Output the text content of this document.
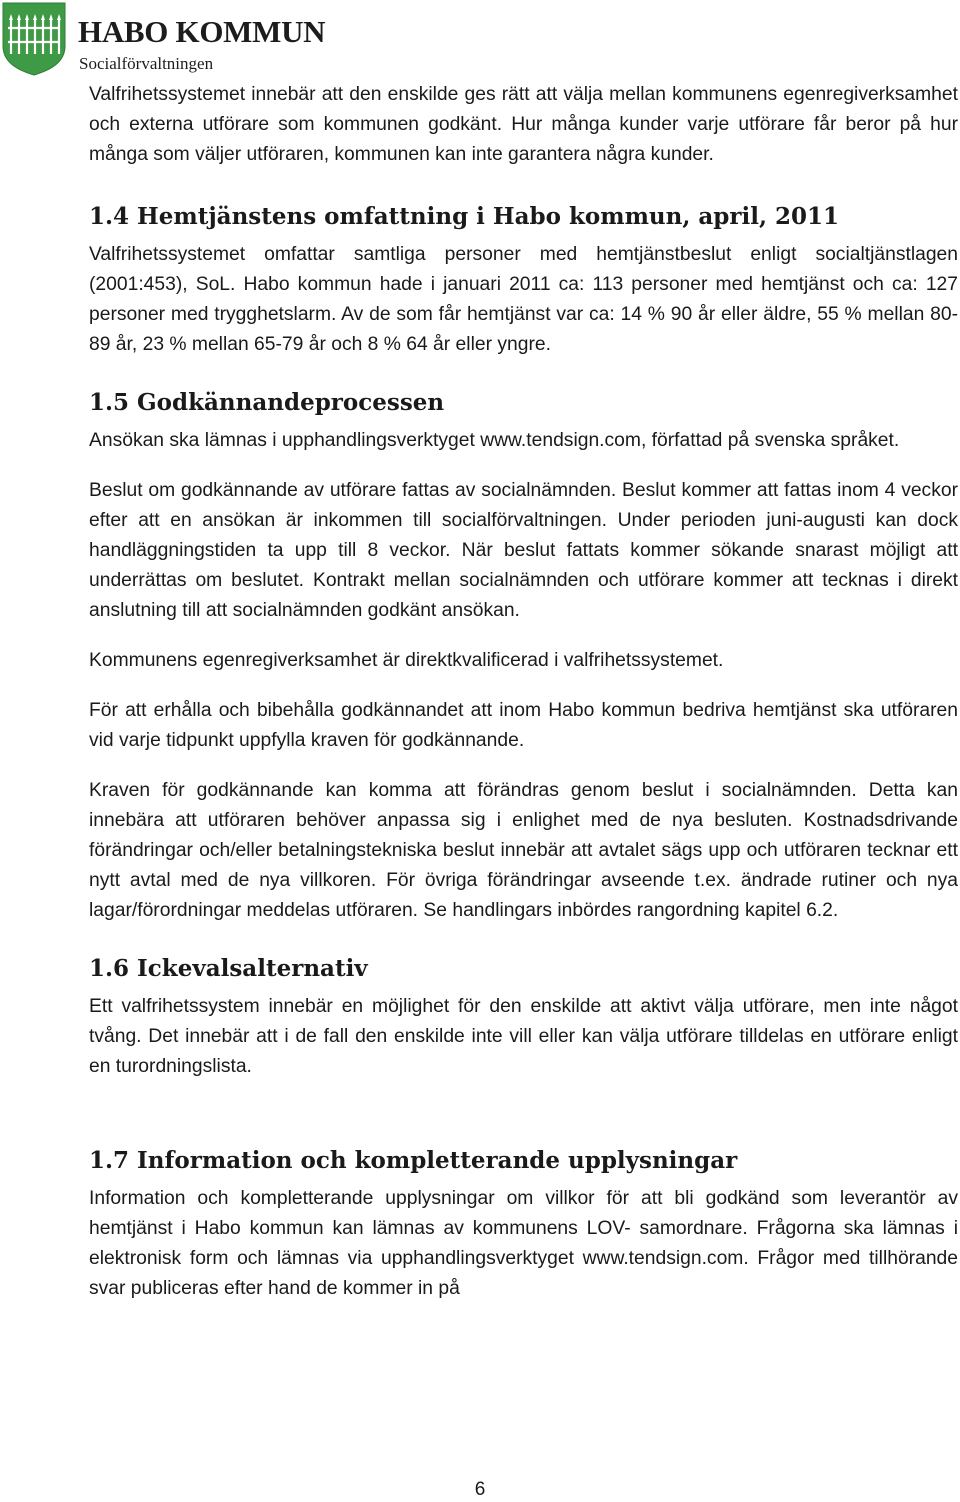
HABO KOMMUN
Socialförvaltningen

Valfrihetssystemet innebär att den enskilde ges rätt att välja mellan kommunens egenregiverksamhet och externa utförare som kommunen godkänt. Hur många kunder varje utförare får beror på hur många som väljer utföraren, kommunen kan inte garantera några kunder.

1.4 Hemtjänstens omfattning i Habo kommun, april, 2011

Valfrihetssystemet omfattar samtliga personer med hemtjänstbeslut enligt socialtjänstlagen (2001:453), SoL. Habo kommun hade i januari 2011 ca: 113 personer med hemtjänst och ca: 127 personer med trygghetslarm. Av de som får hemtjänst var ca: 14 % 90 år eller äldre, 55 % mellan 80-89 år, 23 % mellan 65-79 år och 8 % 64 år eller yngre.

1.5 Godkännandeprocessen

Ansökan ska lämnas i upphandlingsverktyget www.tendsign.com, författad på svenska språket.

Beslut om godkännande av utförare fattas av socialnämnden. Beslut kommer att fattas inom 4 veckor efter att en ansökan är inkommen till socialförvaltningen. Under perioden juni-augusti kan dock handläggningstiden ta upp till 8 veckor. När beslut fattats kommer sökande snarast möjligt att underrättas om beslutet. Kontrakt mellan socialnämnden och utförare kommer att tecknas i direkt anslutning till att socialnämnden godkänt ansökan.

Kommunens egenregiverksamhet är direktkvalificerad i valfrihetssystemet.

För att erhålla och bibehålla godkännandet att inom Habo kommun bedriva hemtjänst ska utföraren vid varje tidpunkt uppfylla kraven för godkännande.

Kraven för godkännande kan komma att förändras genom beslut i socialnämnden. Detta kan innebära att utföraren behöver anpassa sig i enlighet med de nya besluten. Kostnadsdrivande förändringar och/eller betalningstekniska beslut innebär att avtalet sägs upp och utföraren tecknar ett nytt avtal med de nya villkoren. För övriga förändringar avseende t.ex. ändrade rutiner och nya lagar/förordningar meddelas utföraren. Se handlingars inbördes rangordning kapitel 6.2.

1.6 Ickevalsalternativ

Ett valfrihetssystem innebär en möjlighet för den enskilde att aktivt välja utförare, men inte något tvång. Det innebär att i de fall den enskilde inte vill eller kan välja utförare tilldelas en utförare enligt en turordningslista.

1.7 Information och kompletterande upplysningar

Information och kompletterande upplysningar om villkor för att bli godkänd som leverantör av hemtjänst i Habo kommun kan lämnas av kommunens LOV- samordnare. Frågorna ska lämnas i elektronisk form och lämnas via upphandlingsverktyget www.tendsign.com. Frågor med tillhörande svar publiceras efter hand de kommer in på

6
